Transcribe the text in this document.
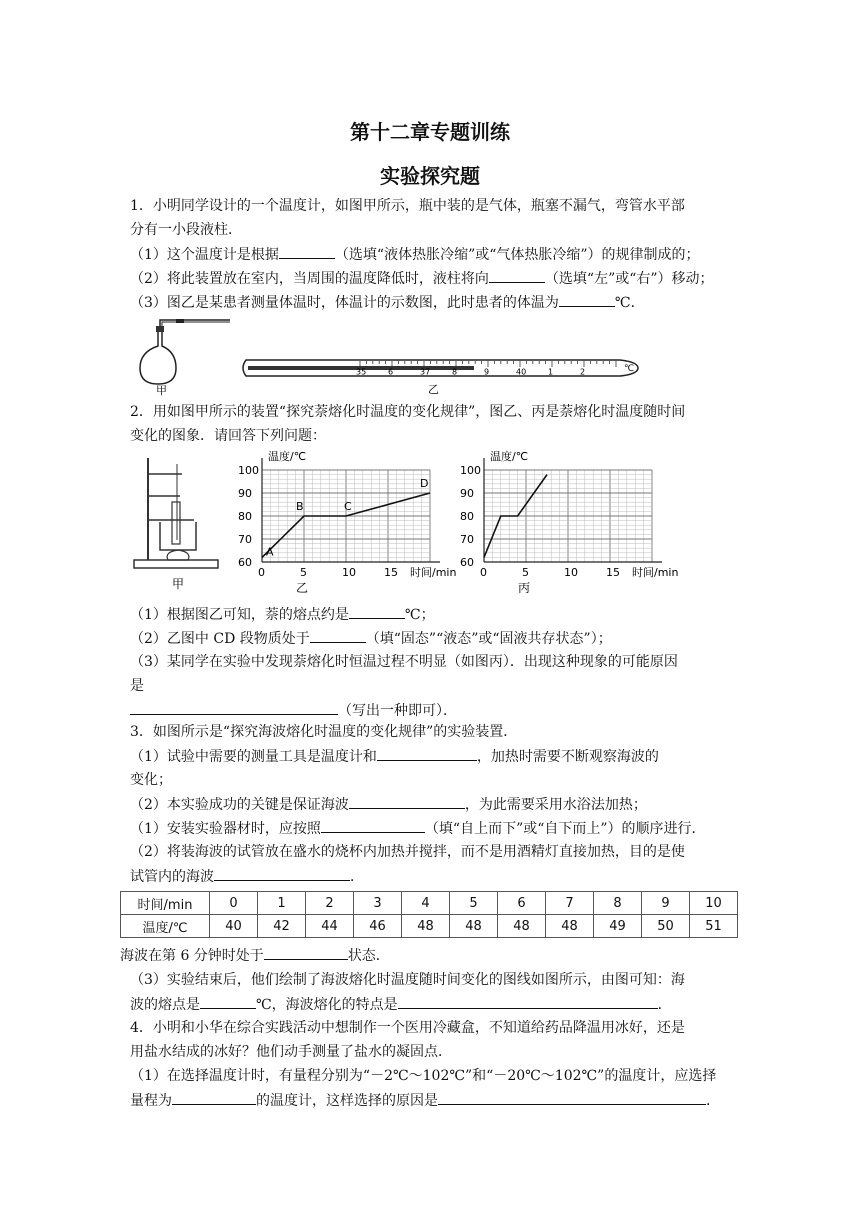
第十二章专题训练
实验探究题
1．小明同学设计的一个温度计，如图甲所示，瓶中装的是气体，瓶塞不漏气，弯管水平部
分有一小段液柱．
（1）这个温度计是根据	（选填“液体热胀冷缩”或“气体热胀冷缩”）的规律制成的；
（2）将此装置放在室内，当周围的温度降低时，液柱将向	（选填“左”或“右”）移动；
（3）图乙是某患者测量体温时，体温计的示数图，此时患者的体温为	℃．
甲
35	6	37	8	9	40	1	2	℃
乙
2．用如图甲所示的装置“探究萘熔化时温度的变化规律”，图乙、丙是萘熔化时温度随时间
变化的图象．请回答下列问题：
甲
温度/℃
时间/min
0	5	10	15
60
70
80
90
100
A
B	C
D
乙
温度/℃
时间/min
0	5	10	15
60
70
80
90
100
丙
（1）根据图乙可知，萘的熔点约是	℃；
（2）乙图中 CD 段物质处于	（填“固态”“液态”或“固液共存状态”）；
（3）某同学在实验中发现萘熔化时恒温过程不明显（如图丙）．出现这种现象的可能原因
是
（写出一种即可）．
3．如图所示是“探究海波熔化时温度的变化规律”的实验装置．
（1）试验中需要的测量工具是温度计和	，加热时需要不断观察海波的
变化；
（2）本实验成功的关键是保证海波	，为此需要采用水浴法加热；
（1）安装实验器材时，应按照	（填“自上而下”或“自下而上”）的顺序进行．
（2）将装海波的试管放在盛水的烧杯内加热并搅拌，而不是用酒精灯直接加热，目的是使
试管内的海波	．
时间/min	0	1	2	3	4	5	6	7	8	9	10
温度/℃	40	42	44	46	48	48	48	48	49	50	51
海波在第 6 分钟时处于	状态．
（3）实验结束后，他们绘制了海波熔化时温度随时间变化的图线如图所示，由图可知：海
波的熔点是	℃，海波熔化的特点是	．
4．小明和小华在综合实践活动中想制作一个医用冷藏盒，不知道给药品降温用冰好，还是
用盐水结成的冰好？他们动手测量了盐水的凝固点．
（1）在选择温度计时，有量程分别为“－2℃～102℃”和“－20℃～102℃”的温度计，应选择
量程为	的温度计，这样选择的原因是	．
